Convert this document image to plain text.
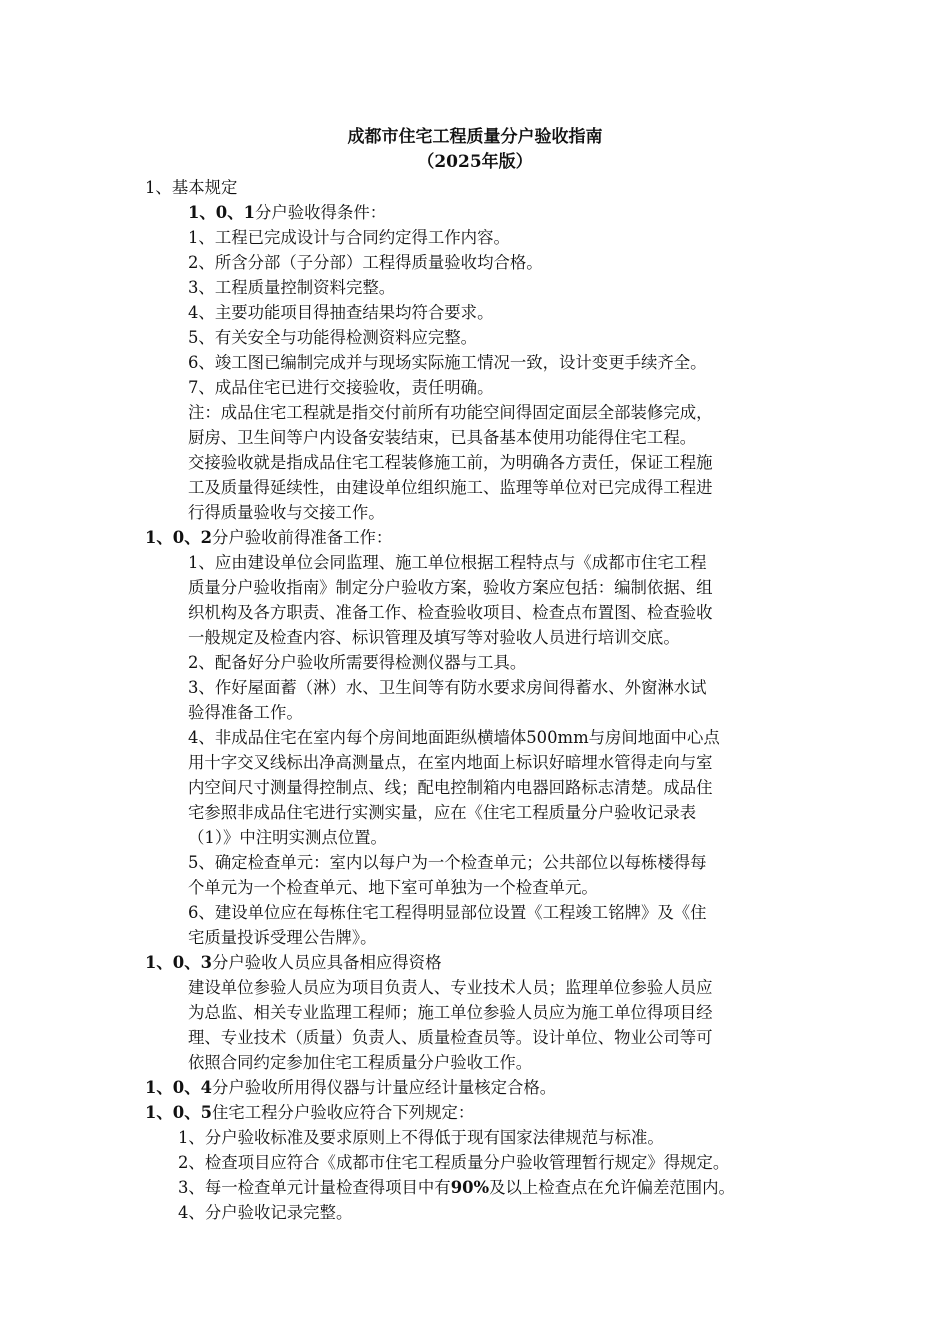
成都市住宅工程质量分户验收指南
（2025年版）
1、基本规定
1、0、1分户验收得条件：
1、工程已完成设计与合同约定得工作内容。
2、所含分部（子分部）工程得质量验收均合格。
3、工程质量控制资料完整。
4、主要功能项目得抽查结果均符合要求。
5、有关安全与功能得检测资料应完整。
6、竣工图已编制完成并与现场实际施工情况一致，设计变更手续齐全。
7、成品住宅已进行交接验收，责任明确。
注：成品住宅工程就是指交付前所有功能空间得固定面层全部装修完成，
厨房、卫生间等户内设备安装结束，已具备基本使用功能得住宅工程。
交接验收就是指成品住宅工程装修施工前，为明确各方责任，保证工程施
工及质量得延续性，由建设单位组织施工、监理等单位对已完成得工程进
行得质量验收与交接工作。
1、0、2分户验收前得准备工作：
1、应由建设单位会同监理、施工单位根据工程特点与《成都市住宅工程
质量分户验收指南》制定分户验收方案，验收方案应包括：编制依据、组
织机构及各方职责、准备工作、检查验收项目、检查点布置图、检查验收
一般规定及检查内容、标识管理及填写等对验收人员进行培训交底。
2、配备好分户验收所需要得检测仪器与工具。
3、作好屋面蓄（淋）水、卫生间等有防水要求房间得蓄水、外窗淋水试
验得准备工作。
4、非成品住宅在室内每个房间地面距纵横墙体500mm与房间地面中心点
用十字交叉线标出净高测量点，在室内地面上标识好暗埋水管得走向与室
内空间尺寸测量得控制点、线；配电控制箱内电器回路标志清楚。成品住
宅参照非成品住宅进行实测实量，应在《住宅工程质量分户验收记录表
（1）》中注明实测点位置。
5、确定检查单元：室内以每户为一个检查单元；公共部位以每栋楼得每
个单元为一个检查单元、地下室可单独为一个检查单元。
6、建设单位应在每栋住宅工程得明显部位设置《工程竣工铭牌》及《住
宅质量投诉受理公告牌》。
1、0、3分户验收人员应具备相应得资格
建设单位参验人员应为项目负责人、专业技术人员；监理单位参验人员应
为总监、相关专业监理工程师；施工单位参验人员应为施工单位得项目经
理、专业技术（质量）负责人、质量检查员等。设计单位、物业公司等可
依照合同约定参加住宅工程质量分户验收工作。
1、0、4分户验收所用得仪器与计量应经计量核定合格。
1、0、5住宅工程分户验收应符合下列规定：
1、分户验收标准及要求原则上不得低于现有国家法律规范与标准。
2、检查项目应符合《成都市住宅工程质量分户验收管理暂行规定》得规定。
3、每一检查单元计量检查得项目中有90%及以上检查点在允许偏差范围内。
4、分户验收记录完整。
